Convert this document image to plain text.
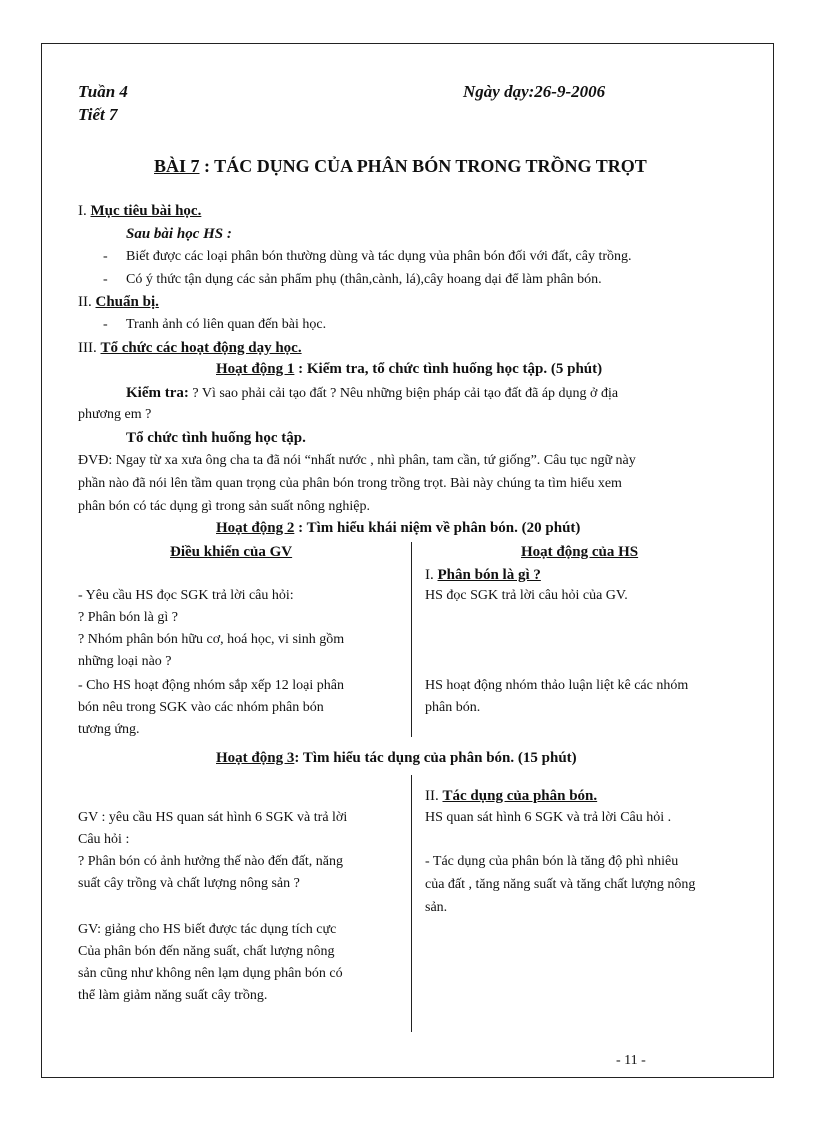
Tuần 4
Tiết 7
Ngày dạy:26-9-2006
BÀI 7 : TÁC DỤNG CỦA PHÂN BÓN TRONG TRỒNG TRỌT
I. Mục tiêu bài học.
Sau bài học HS :
- Biết được các loại phân bón thường dùng và tác dụng vủa phân bón đối với đất, cây trồng.
- Có ý thức tận dụng các sản phẩm phụ (thân,cành, lá),cây hoang dại để làm phân bón.
II. Chuẩn bị.
- Tranh ảnh có liên quan đến bài học.
III. Tổ chức các hoạt động dạy học.
Hoạt động 1 : Kiểm tra, tổ chức tình huống học tập. (5 phút)
Kiểm tra: ? Vì sao phải cải tạo đất ? Nêu những biện pháp cải tạo đất đã áp dụng ở địa
phương em ?
Tổ chức tình huống học tập.
ĐVĐ: Ngay từ xa xưa ông cha ta đã nói “nhất nước , nhì phân, tam cần, tứ giống”. Câu tục ngữ này
phần nào đã nói lên tầm quan trọng của phân bón trong trồng trọt. Bài này chúng ta tìm hiểu xem
phân bón có tác dụng gì trong sản suất nông nghiệp.
Hoạt động 2 : Tìm hiểu khái niệm về phân bón. (20 phút)
Điều khiển của GV	Hoạt động của HS
I. Phân bón là gì ?
- Yêu cầu HS đọc SGK trả lời câu hỏi:
? Phân bón là gì ?
? Nhóm phân bón hữu cơ, hoá học, vi sinh gồm
những loại nào ?
- Cho HS hoạt động nhóm sắp xếp 12 loại phân
bón nêu trong SGK vào các nhóm phân bón
tương ứng.
HS đọc SGK trả lời câu hỏi của GV.
HS hoạt động nhóm thảo luận liệt kê các nhóm
phân bón.
Hoạt động 3: Tìm hiểu tác dụng của phân bón. (15 phút)
II. Tác dụng của phân bón.
GV : yêu cầu HS quan sát hình 6 SGK và trả lời
Câu hỏi :
? Phân bón có ảnh hưởng thế nào đến đất, năng
suất cây trồng và chất lượng nông sản ?
GV: giảng cho HS biết được tác dụng tích cực
Của phân bón đến năng suất, chất lượng nông
sản cũng như không nên lạm dụng phân bón có
thể làm giảm năng suất cây trồng.
HS quan sát hình 6 SGK và trả lời Câu hỏi .
- Tác dụng của phân bón là tăng độ phì nhiêu
của đất , tăng năng suất và tăng chất lượng nông
sản.
- 11 -
